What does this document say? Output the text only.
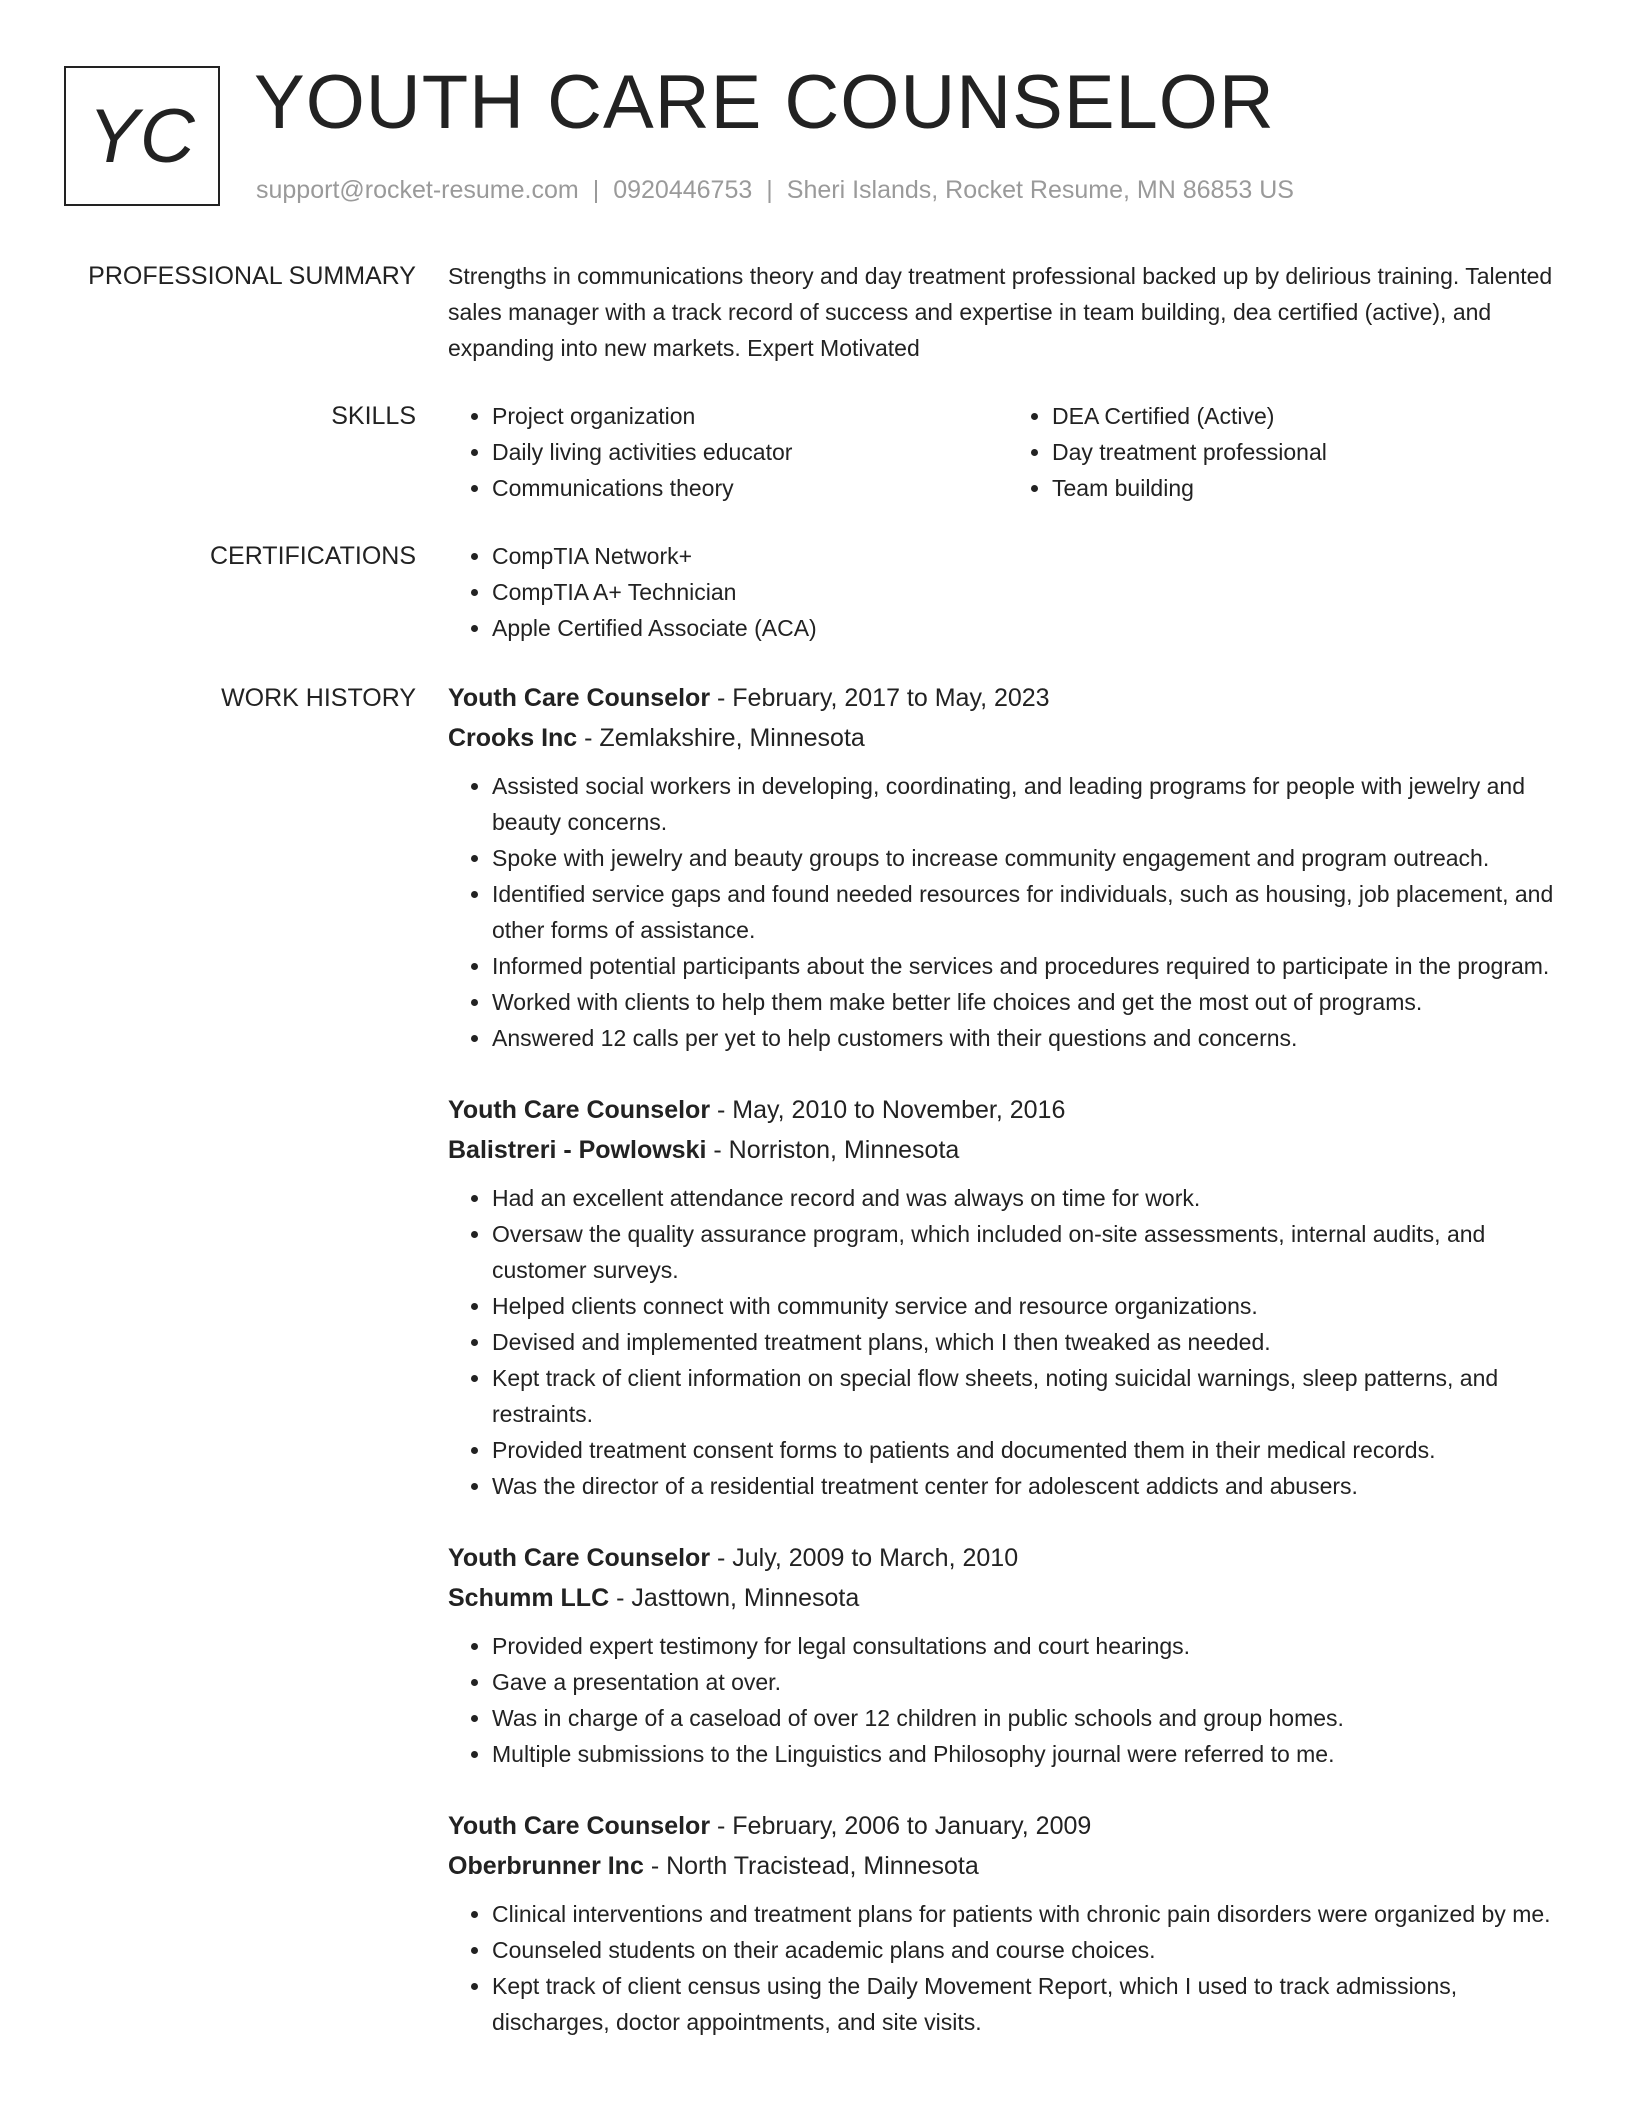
YC YOUTH CARE COUNSELOR
support@rocket-resume.com | 0920446753 | Sheri Islands, Rocket Resume, MN 86853 US
PROFESSIONAL SUMMARY Strengths in communications theory and day treatment professional backed up by delirious training. Talented sales manager with a track record of success and expertise in team building, dea certified (active), and expanding into new markets. Expert Motivated
SKILLS	• Project organization
• Daily living activities educator
• Communications theory
• DEA Certified (Active)
• Day treatment professional
• Team building
CERTIFICATIONS	• CompTIA Network+
• CompTIA A+ Technician
• Apple Certified Associate (ACA)
WORK HISTORY Youth Care Counselor - February, 2017 to May, 2023
Crooks Inc - Zemlakshire, Minnesota
• Assisted social workers in developing, coordinating, and leading programs for people with jewelry and beauty concerns.
• Spoke with jewelry and beauty groups to increase community engagement and program outreach.
• Identified service gaps and found needed resources for individuals, such as housing, job placement, and other forms of assistance.
• Informed potential participants about the services and procedures required to participate in the program.
• Worked with clients to help them make better life choices and get the most out of programs.
• Answered 12 calls per yet to help customers with their questions and concerns.
Youth Care Counselor - May, 2010 to November, 2016
Balistreri - Powlowski - Norriston, Minnesota
• Had an excellent attendance record and was always on time for work.
• Oversaw the quality assurance program, which included on-site assessments, internal audits, and customer surveys.
• Helped clients connect with community service and resource organizations.
• Devised and implemented treatment plans, which I then tweaked as needed.
• Kept track of client information on special flow sheets, noting suicidal warnings, sleep patterns, and restraints.
• Provided treatment consent forms to patients and documented them in their medical records.
• Was the director of a residential treatment center for adolescent addicts and abusers.
Youth Care Counselor - July, 2009 to March, 2010
Schumm LLC - Jasttown, Minnesota
• Provided expert testimony for legal consultations and court hearings.
• Gave a presentation at over.
• Was in charge of a caseload of over 12 children in public schools and group homes.
• Multiple submissions to the Linguistics and Philosophy journal were referred to me.
Youth Care Counselor - February, 2006 to January, 2009
Oberbrunner Inc - North Tracistead, Minnesota
• Clinical interventions and treatment plans for patients with chronic pain disorders were organized by me.
• Counseled students on their academic plans and course choices.
• Kept track of client census using the Daily Movement Report, which I used to track admissions, discharges, doctor appointments, and site visits.
